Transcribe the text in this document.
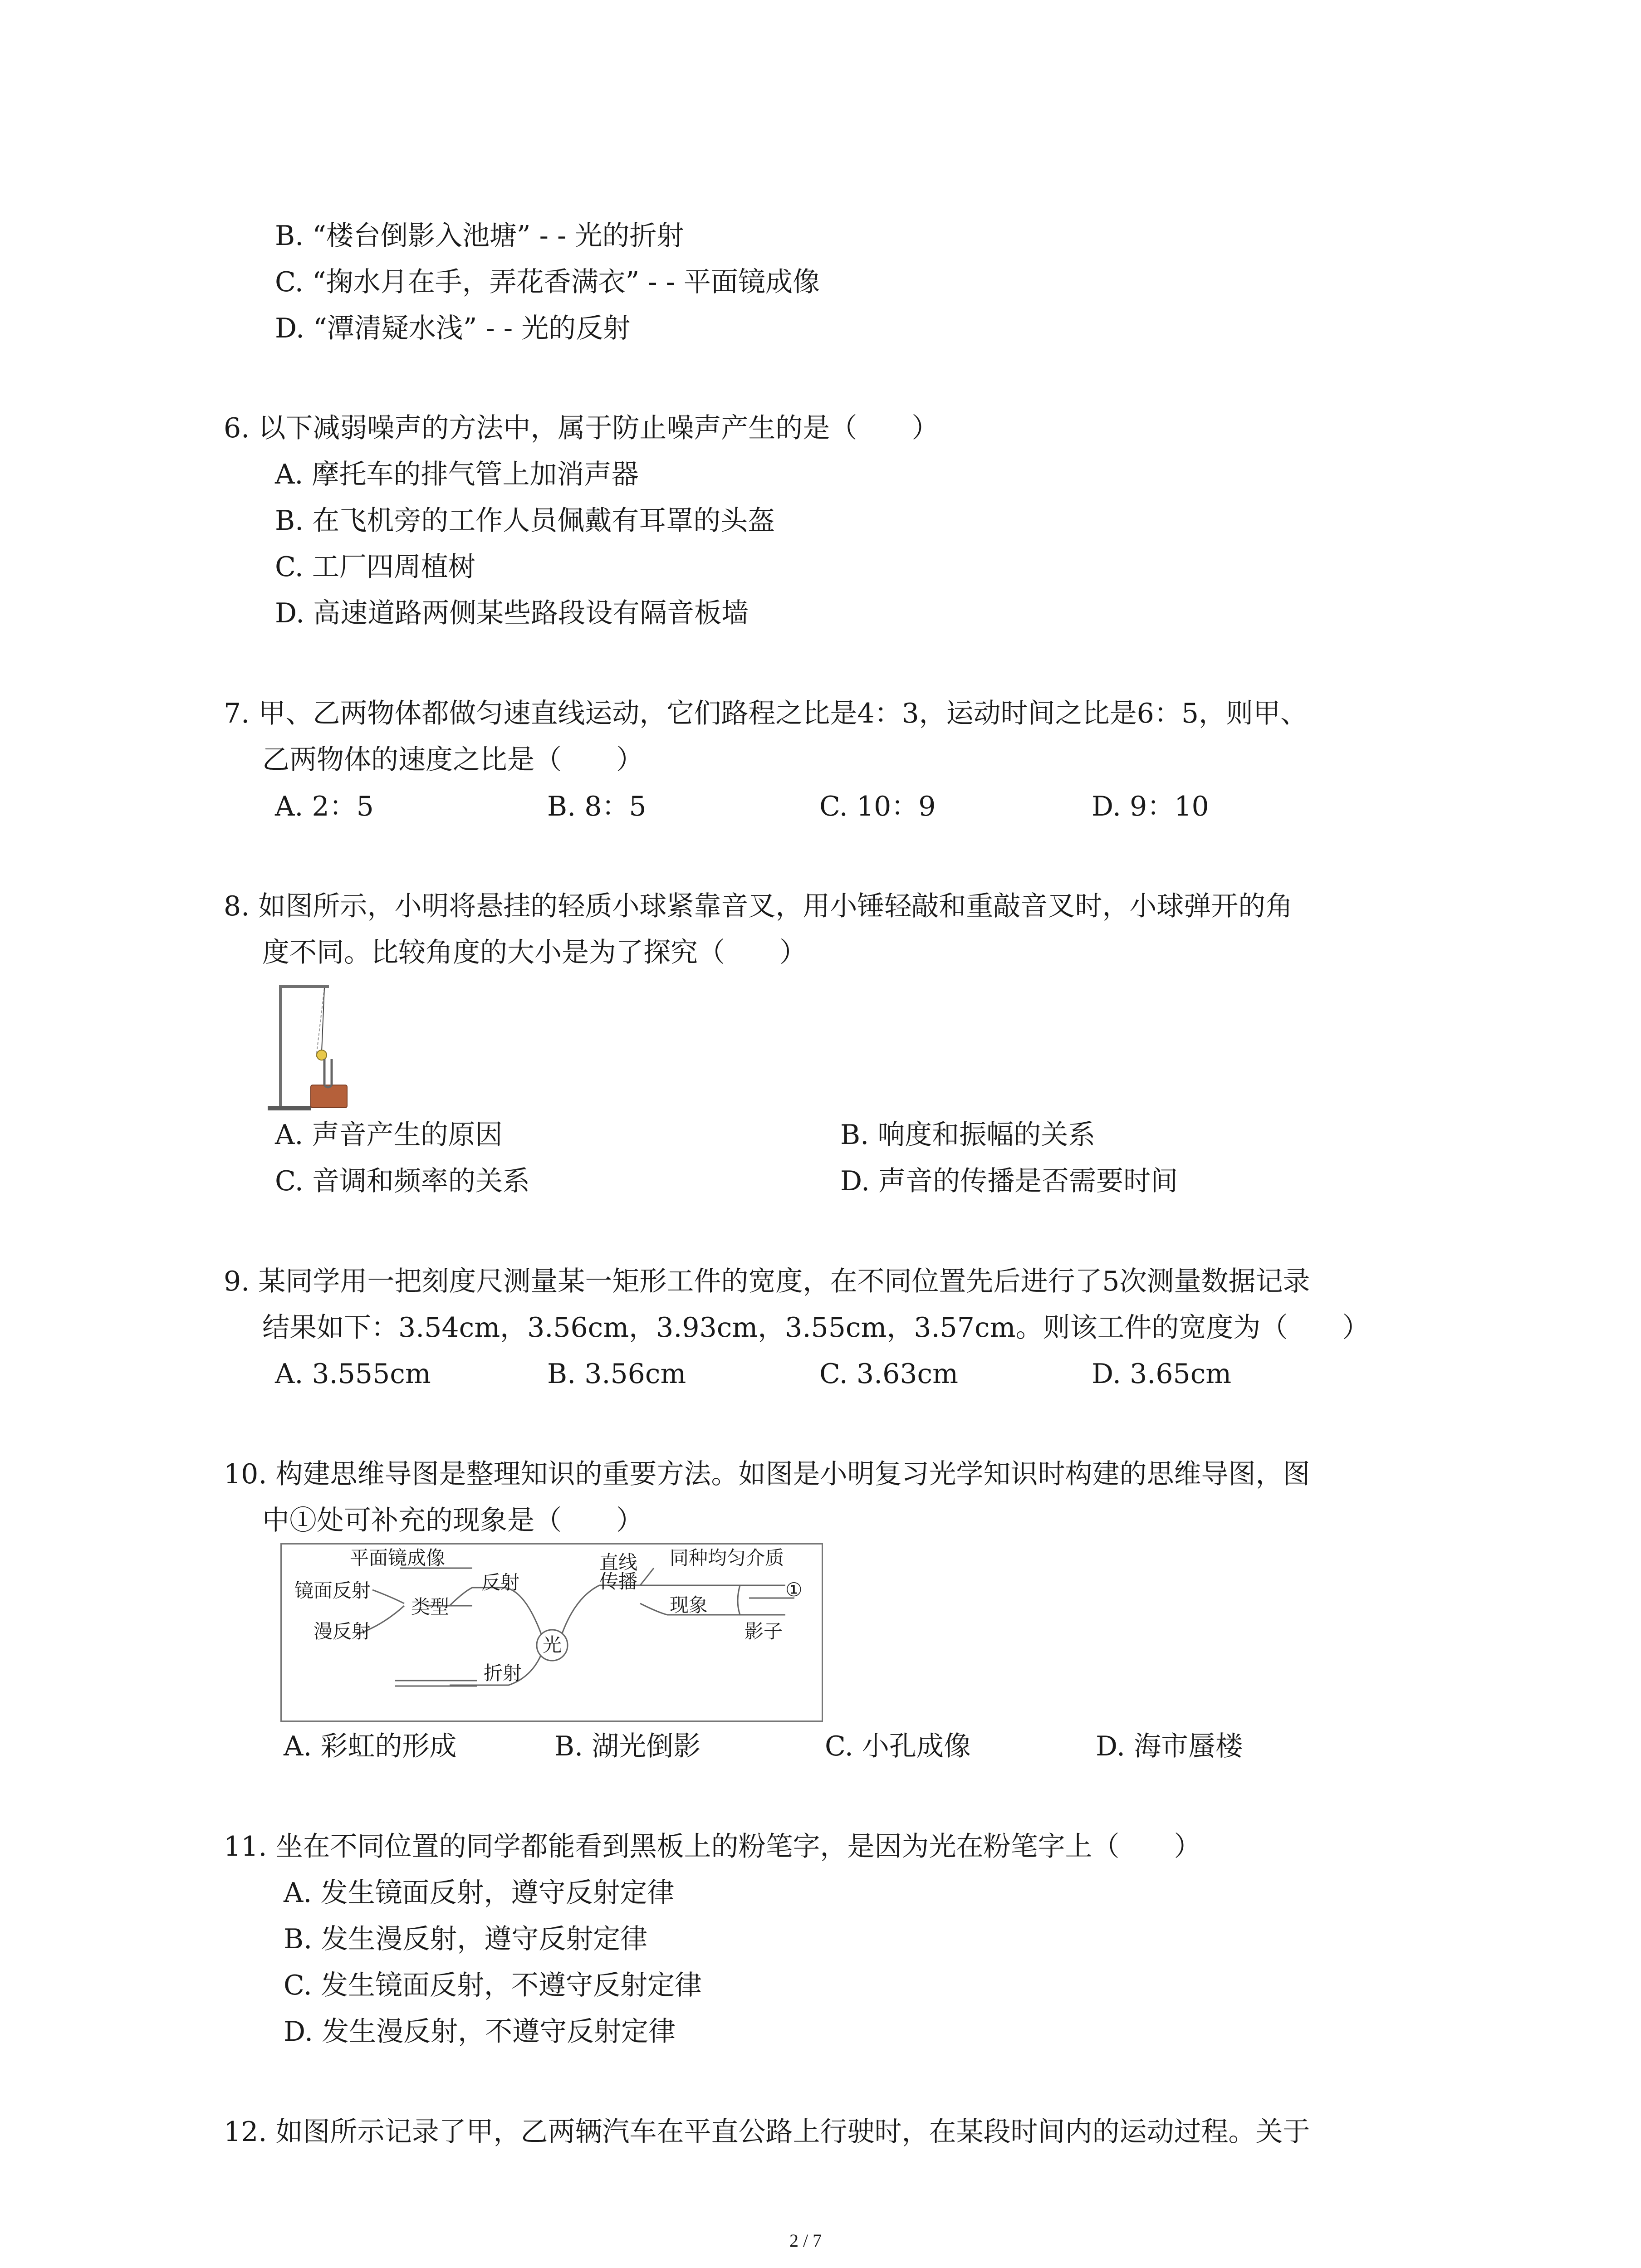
B. “楼台倒影入池塘” - - 光的折射
C. “掬水月在手，弄花香满衣” - - 平面镜成像
D. “潭清疑水浅” - - 光的反射
6. 以下减弱噪声的方法中，属于防止噪声产生的是（　　）
A. 摩托车的排气管上加消声器
B. 在飞机旁的工作人员佩戴有耳罩的头盔
C. 工厂四周植树
D. 高速道路两侧某些路段设有隔音板墙
7. 甲、乙两物体都做匀速直线运动，它们路程之比是4：3，运动时间之比是6：5，则甲、
乙两物体的速度之比是（　　）
A. 2：5	B. 8：5	C. 10：9	D. 9：10
8. 如图所示，小明将悬挂的轻质小球紧靠音叉，用小锤轻敲和重敲音叉时，小球弹开的角
度不同。比较角度的大小是为了探究（　　）
A. 声音产生的原因	B. 响度和振幅的关系
C. 音调和频率的关系	D. 声音的传播是否需要时间
9. 某同学用一把刻度尺测量某一矩形工件的宽度，在不同位置先后进行了5次测量数据记录
结果如下：3.54cm，3.56cm，3.93cm，3.55cm，3.57cm。则该工件的宽度为（　　）
A. 3.555cm	B. 3.56cm	C. 3.63cm	D. 3.65cm
10. 构建思维导图是整理知识的重要方法。如图是小明复习光学知识时构建的思维导图，图
中①处可补充的现象是（　　）
平面镜成像
镜面反射
类型
反射
漫反射
折射
光
直线
传播
同种均匀介质
现象
①
影子
A. 彩虹的形成	B. 湖光倒影	C. 小孔成像	D. 海市蜃楼
11. 坐在不同位置的同学都能看到黑板上的粉笔字，是因为光在粉笔字上（　　）
A. 发生镜面反射，遵守反射定律
B. 发生漫反射，遵守反射定律
C. 发生镜面反射，不遵守反射定律
D. 发生漫反射，不遵守反射定律
12. 如图所示记录了甲，乙两辆汽车在平直公路上行驶时，在某段时间内的运动过程。关于
2 / 7
